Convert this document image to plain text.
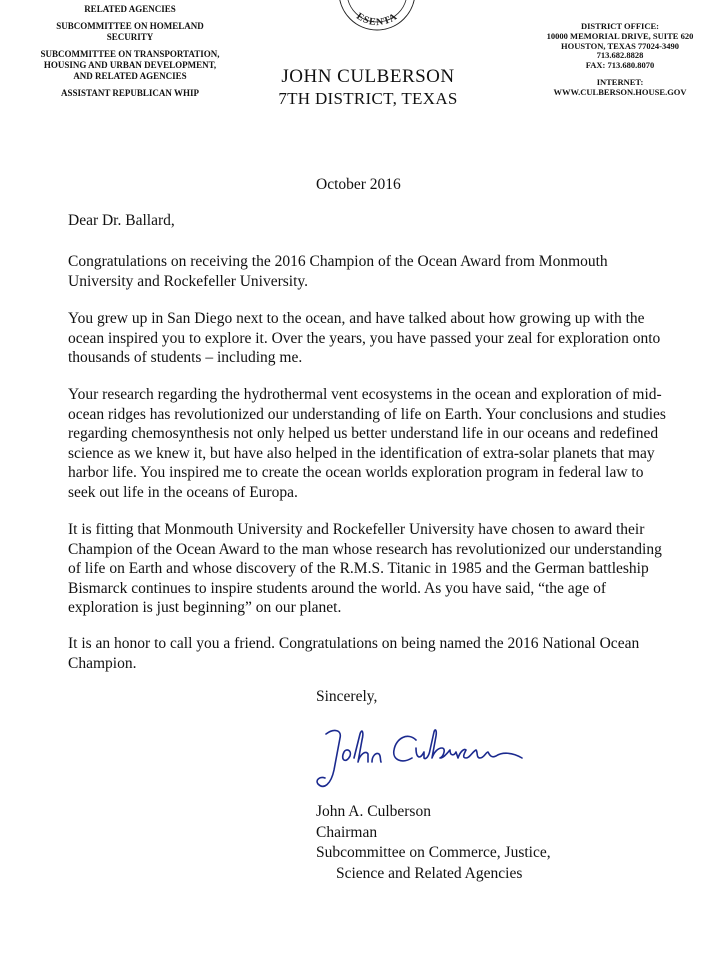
RELATED AGENCIES
SUBCOMMITTEE ON HOMELAND SECURITY
SUBCOMMITTEE ON TRANSPORTATION, HOUSING AND URBAN DEVELOPMENT, AND RELATED AGENCIES
ASSISTANT REPUBLICAN WHIP
ESENTA
JOHN CULBERSON
7TH DISTRICT, TEXAS
DISTRICT OFFICE:
10000 MEMORIAL DRIVE, SUITE 620
HOUSTON, TEXAS 77024-3490
713.682.8828
FAX: 713.680.8070
INTERNET:
WWW.CULBERSON.HOUSE.GOV
October 2016
Dear Dr. Ballard,

Congratulations on receiving the 2016 Champion of the Ocean Award from Monmouth University and Rockefeller University.

You grew up in San Diego next to the ocean, and have talked about how growing up with the ocean inspired you to explore it. Over the years, you have passed your zeal for exploration onto thousands of students – including me.

Your research regarding the hydrothermal vent ecosystems in the ocean and exploration of mid-ocean ridges has revolutionized our understanding of life on Earth. Your conclusions and studies regarding chemosynthesis not only helped us better understand life in our oceans and redefined science as we knew it, but have also helped in the identification of extra-solar planets that may harbor life. You inspired me to create the ocean worlds exploration program in federal law to seek out life in the oceans of Europa.

It is fitting that Monmouth University and Rockefeller University have chosen to award their Champion of the Ocean Award to the man whose research has revolutionized our understanding of life on Earth and whose discovery of the R.M.S. Titanic in 1985 and the German battleship Bismarck continues to inspire students around the world. As you have said, “the age of exploration is just beginning” on our planet.

It is an honor to call you a friend. Congratulations on being named the 2016 National Ocean Champion.

Sincerely,
John A. Culberson
Chairman
Subcommittee on Commerce, Justice,
Science and Related Agencies
